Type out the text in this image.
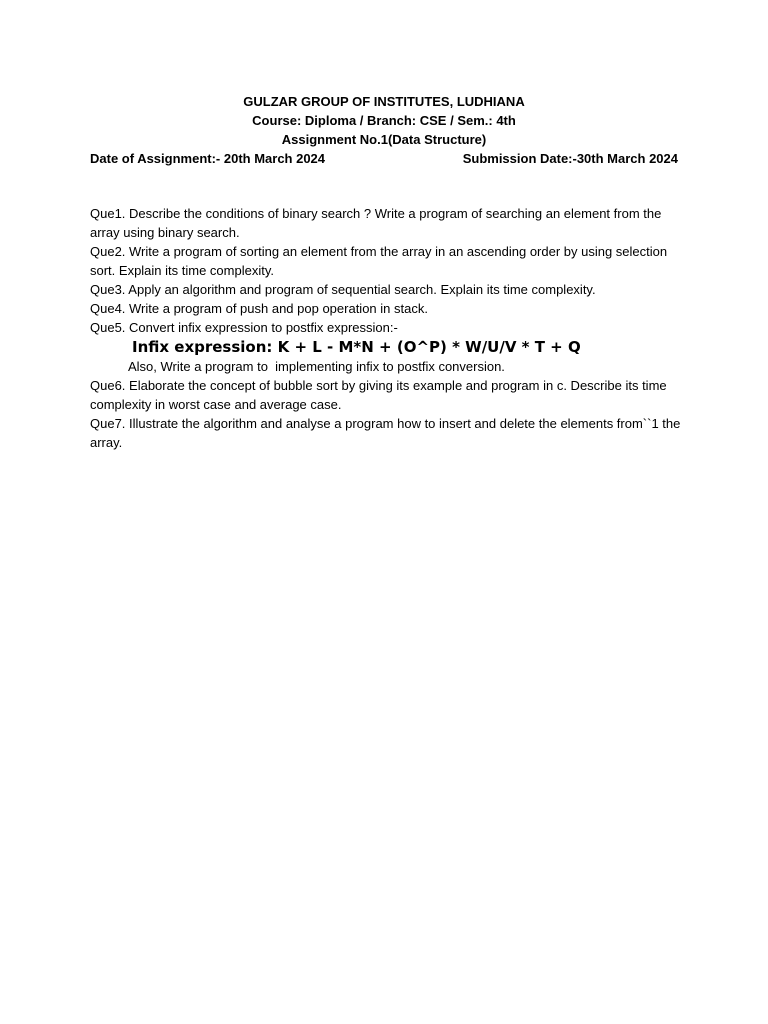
GULZAR GROUP OF INSTITUTES, LUDHIANA
Course: Diploma / Branch: CSE / Sem.: 4th
Assignment No.1(Data Structure)
Date of Assignment:- 20th March 2024	Submission Date:-30th March 2024

Que1. Describe the conditions of binary search ? Write a program of searching an element from the array using binary search.

Que2. Write a program of sorting an element from the array in an ascending order by using selection sort. Explain its time complexity.

Que3. Apply an algorithm and program of sequential search. Explain its time complexity.

Que4. Write a program of push and pop operation in stack.

Que5. Convert infix expression to postfix expression:-

Infix expression: K + L - M*N + (O^P) * W/U/V * T + Q

Also, Write a program to  implementing infix to postfix conversion.

Que6. Elaborate the concept of bubble sort by giving its example and program in c. Describe its time complexity in worst case and average case.

Que7. Illustrate the algorithm and analyse a program how to insert and delete the elements from``1 the array.
